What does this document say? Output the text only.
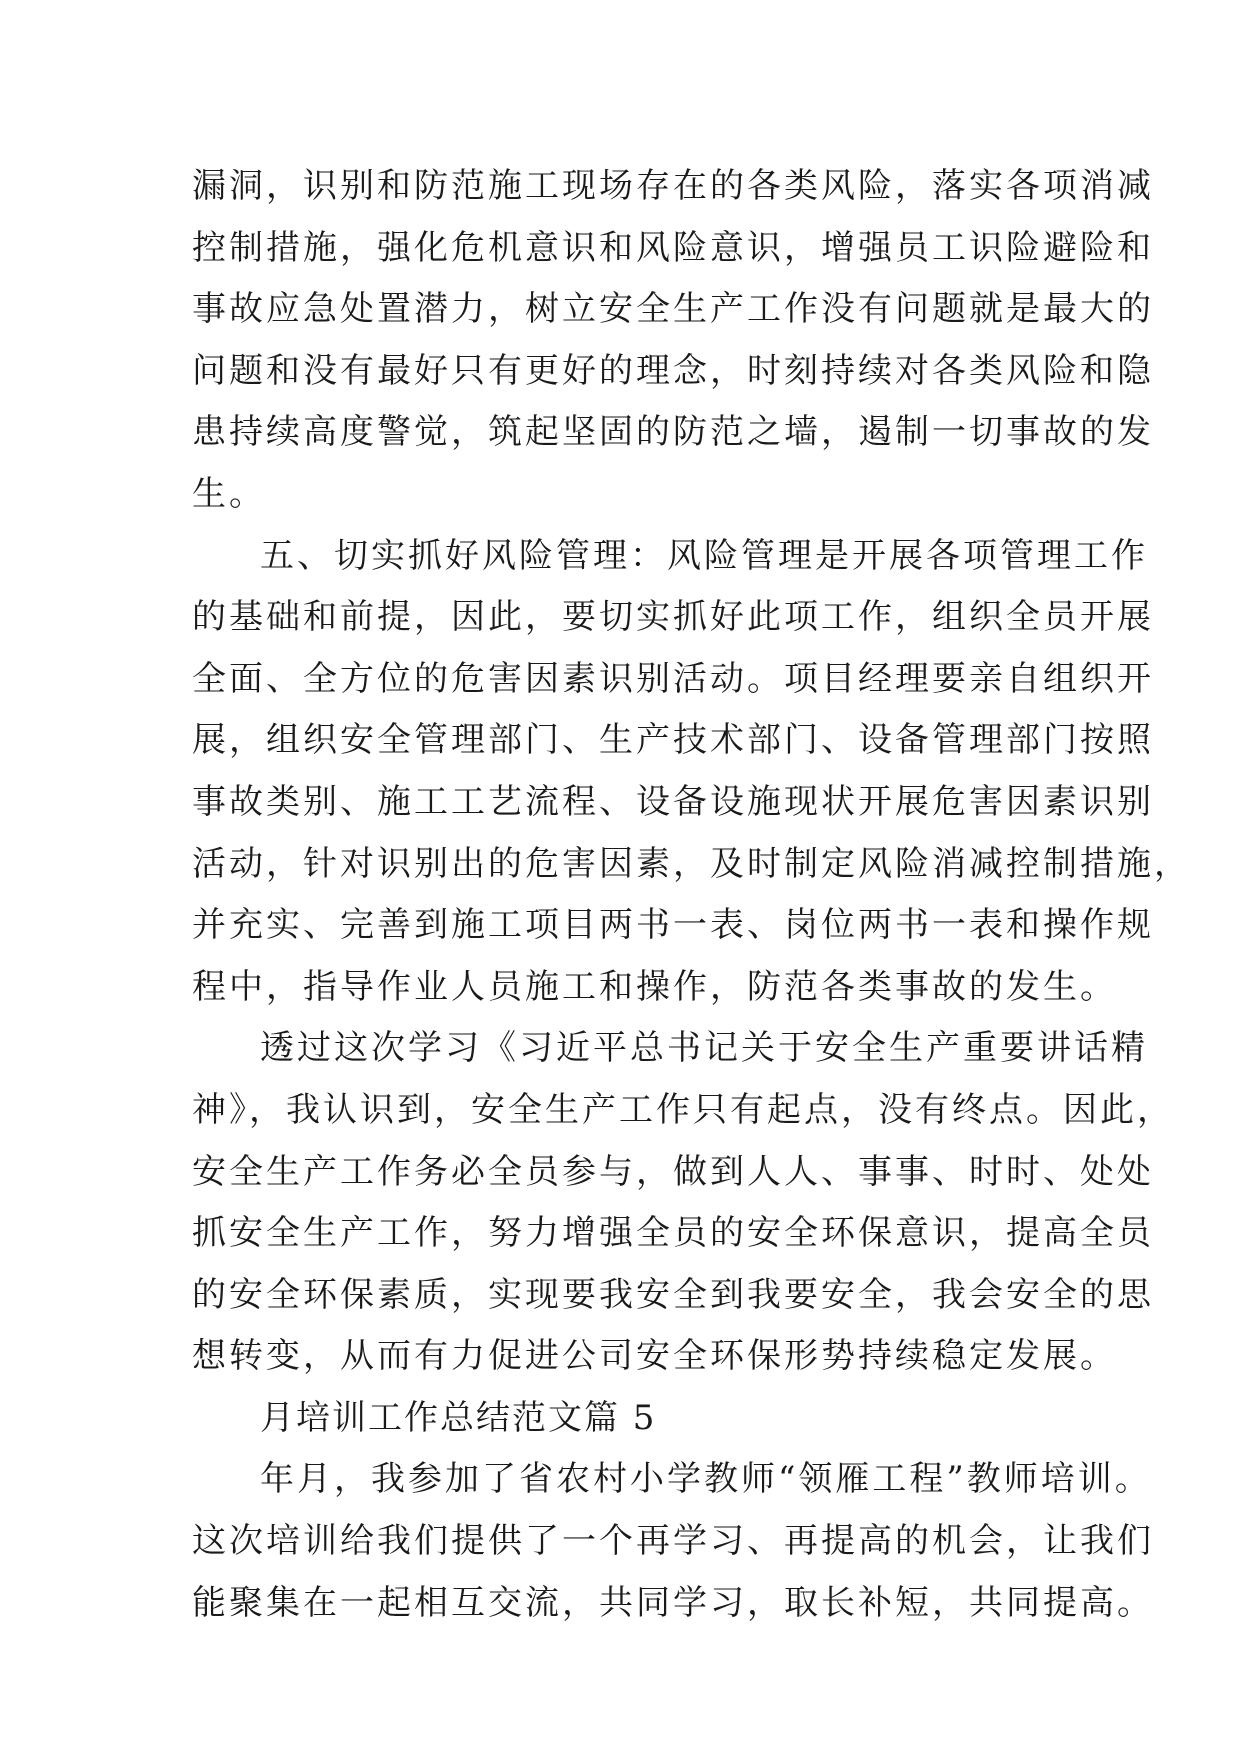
漏洞，识别和防范施工现场存在的各类风险，落实各项消减
控制措施，强化危机意识和风险意识，增强员工识险避险和
事故应急处置潜力，树立安全生产工作没有问题就是最大的
问题和没有最好只有更好的理念，时刻持续对各类风险和隐
患持续高度警觉，筑起坚固的防范之墙，遏制一切事故的发
生。
五、切实抓好风险管理：风险管理是开展各项管理工作
的基础和前提，因此，要切实抓好此项工作，组织全员开展
全面、全方位的危害因素识别活动。项目经理要亲自组织开
展，组织安全管理部门、生产技术部门、设备管理部门按照
事故类别、施工工艺流程、设备设施现状开展危害因素识别
活动，针对识别出的危害因素，及时制定风险消减控制措施，
并充实、完善到施工项目两书一表、岗位两书一表和操作规
程中，指导作业人员施工和操作，防范各类事故的发生。
透过这次学习《习近平总书记关于安全生产重要讲话精
神》，我认识到，安全生产工作只有起点，没有终点。因此，
安全生产工作务必全员参与，做到人人、事事、时时、处处
抓安全生产工作，努力增强全员的安全环保意识，提高全员
的安全环保素质，实现要我安全到我要安全，我会安全的思
想转变，从而有力促进公司安全环保形势持续稳定发展。
月培训工作总结范文篇 5
年月，我参加了省农村小学教师“领雁工程”教师培训。
这次培训给我们提供了一个再学习、再提高的机会，让我们
能聚集在一起相互交流，共同学习，取长补短，共同提高。
